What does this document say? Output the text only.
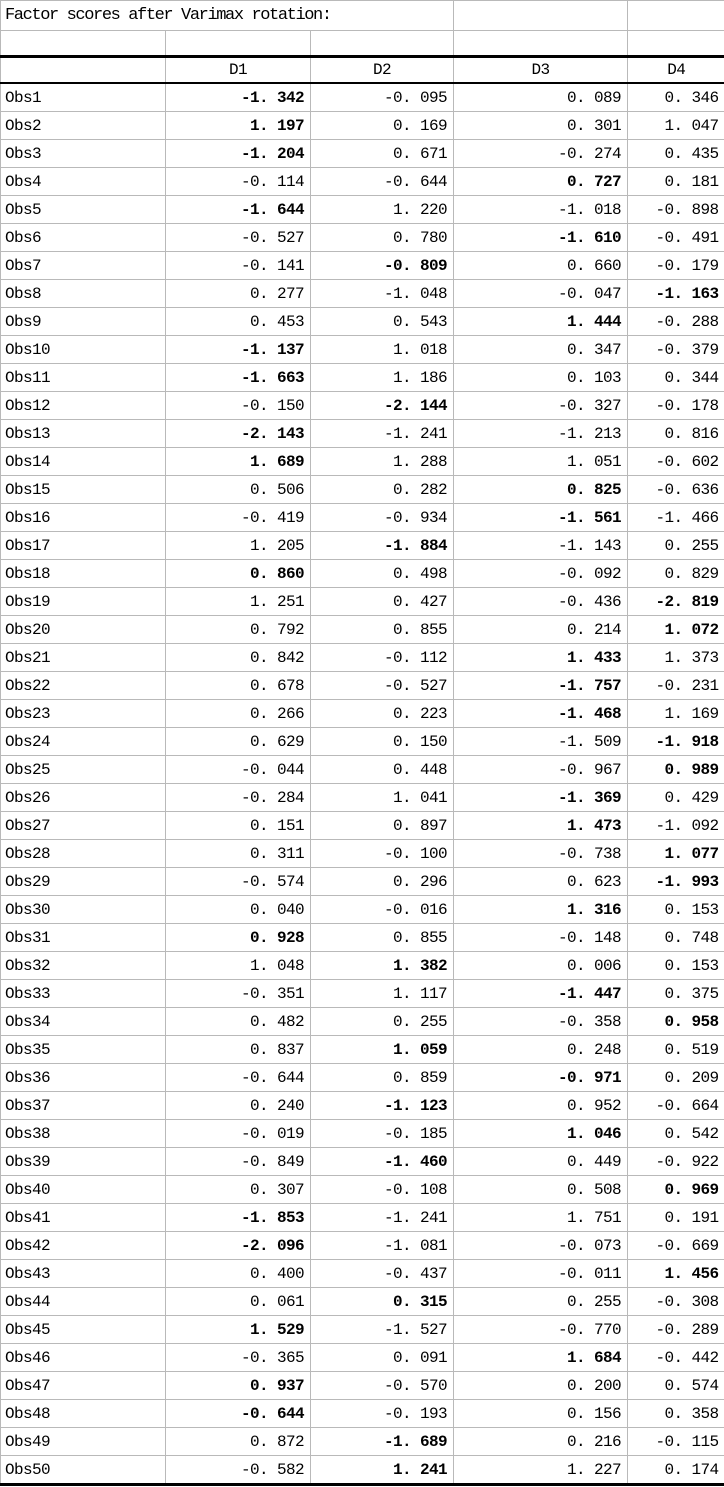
Factor scores after Varimax rotation:				

	D1	D2	D3	D4
Obs1	-1. 342	-0. 095	0. 089	0. 346
Obs2	1. 197	0. 169	0. 301	1. 047
Obs3	-1. 204	0. 671	-0. 274	0. 435
Obs4	-0. 114	-0. 644	0. 727	0. 181
Obs5	-1. 644	1. 220	-1. 018	-0. 898
Obs6	-0. 527	0. 780	-1. 610	-0. 491
Obs7	-0. 141	-0. 809	0. 660	-0. 179
Obs8	0. 277	-1. 048	-0. 047	-1. 163
Obs9	0. 453	0. 543	1. 444	-0. 288
Obs10	-1. 137	1. 018	0. 347	-0. 379
Obs11	-1. 663	1. 186	0. 103	0. 344
Obs12	-0. 150	-2. 144	-0. 327	-0. 178
Obs13	-2. 143	-1. 241	-1. 213	0. 816
Obs14	1. 689	1. 288	1. 051	-0. 602
Obs15	0. 506	0. 282	0. 825	-0. 636
Obs16	-0. 419	-0. 934	-1. 561	-1. 466
Obs17	1. 205	-1. 884	-1. 143	0. 255
Obs18	0. 860	0. 498	-0. 092	0. 829
Obs19	1. 251	0. 427	-0. 436	-2. 819
Obs20	0. 792	0. 855	0. 214	1. 072
Obs21	0. 842	-0. 112	1. 433	1. 373
Obs22	0. 678	-0. 527	-1. 757	-0. 231
Obs23	0. 266	0. 223	-1. 468	1. 169
Obs24	0. 629	0. 150	-1. 509	-1. 918
Obs25	-0. 044	0. 448	-0. 967	0. 989
Obs26	-0. 284	1. 041	-1. 369	0. 429
Obs27	0. 151	0. 897	1. 473	-1. 092
Obs28	0. 311	-0. 100	-0. 738	1. 077
Obs29	-0. 574	0. 296	0. 623	-1. 993
Obs30	0. 040	-0. 016	1. 316	0. 153
Obs31	0. 928	0. 855	-0. 148	0. 748
Obs32	1. 048	1. 382	0. 006	0. 153
Obs33	-0. 351	1. 117	-1. 447	0. 375
Obs34	0. 482	0. 255	-0. 358	0. 958
Obs35	0. 837	1. 059	0. 248	0. 519
Obs36	-0. 644	0. 859	-0. 971	0. 209
Obs37	0. 240	-1. 123	0. 952	-0. 664
Obs38	-0. 019	-0. 185	1. 046	0. 542
Obs39	-0. 849	-1. 460	0. 449	-0. 922
Obs40	0. 307	-0. 108	0. 508	0. 969
Obs41	-1. 853	-1. 241	1. 751	0. 191
Obs42	-2. 096	-1. 081	-0. 073	-0. 669
Obs43	0. 400	-0. 437	-0. 011	1. 456
Obs44	0. 061	0. 315	0. 255	-0. 308
Obs45	1. 529	-1. 527	-0. 770	-0. 289
Obs46	-0. 365	0. 091	1. 684	-0. 442
Obs47	0. 937	-0. 570	0. 200	0. 574
Obs48	-0. 644	-0. 193	0. 156	0. 358
Obs49	0. 872	-1. 689	0. 216	-0. 115
Obs50	-0. 582	1. 241	1. 227	0. 174
